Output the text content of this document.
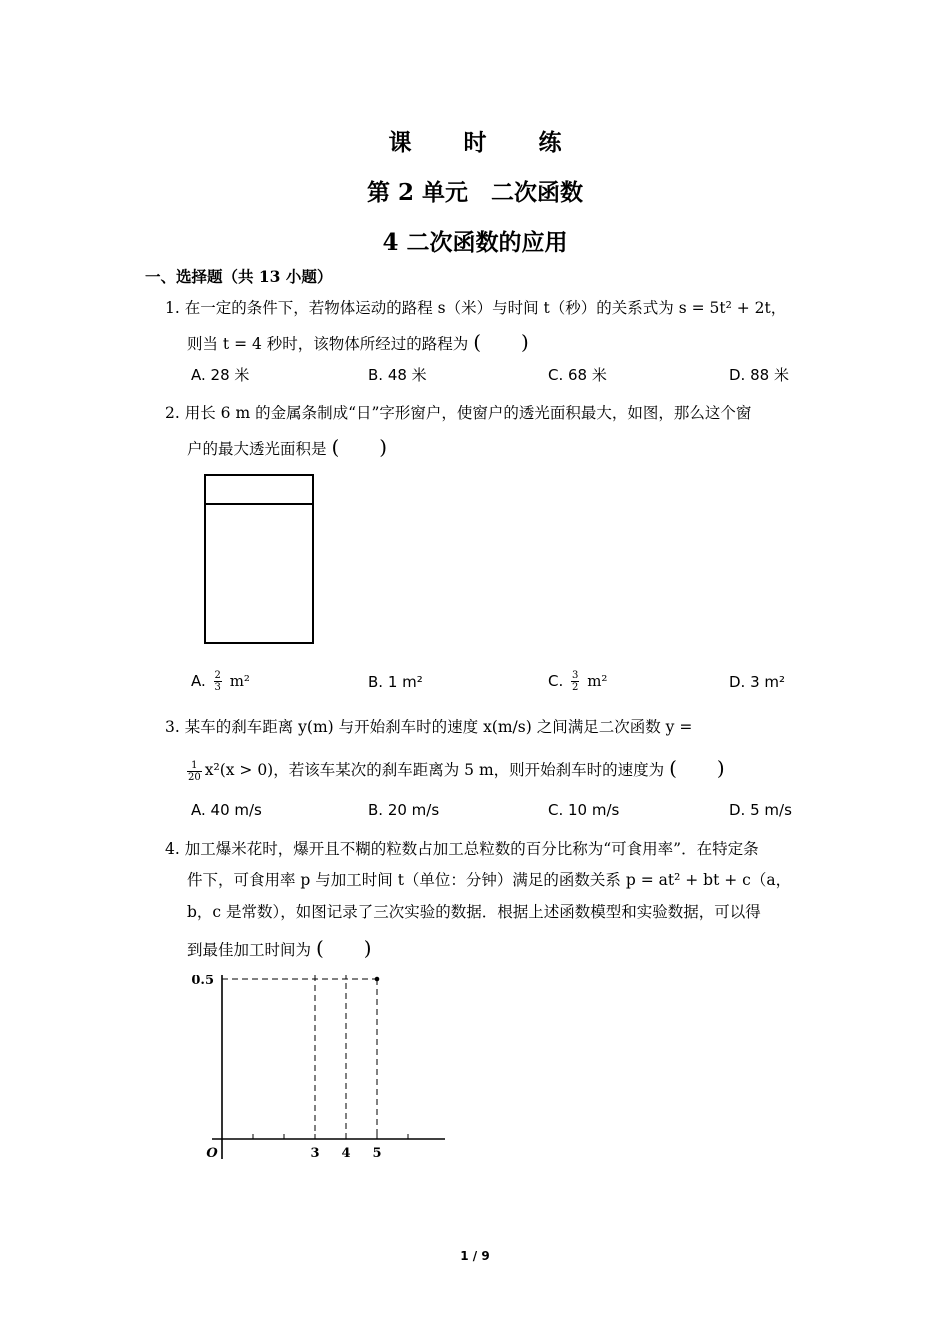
课 时 练
第 2 单元　二次函数
4 二次函数的应用
一、选择题（共 13 小题）
1. 在一定的条件下，若物体运动的路程 s（米）与时间 t（秒）的关系式为 s = 5t² + 2t，
则当 t = 4 秒时，该物体所经过的路程为 (　　)
A. 28 米	B. 48 米	C. 68 米	D. 88 米
2. 用长 6 m 的金属条制成“日”字形窗户，使窗户的透光面积最大，如图，那么这个窗
户的最大透光面积是 (　　)
A. $\frac{2}{3} m^2$	B. 1 m²	C. $\frac{3}{2} m^2$	D. 3 m²
3. 某车的刹车距离 y(m) 与开始刹车时的速度 x(m/s) 之间满足二次函数 y =
$\frac{1}{20} x^2(x > 0)$，若该车某次的刹车距离为 5 m，则开始刹车时的速度为 (　　)
A. 40 m/s	B. 20 m/s	C. 10 m/s	D. 5 m/s
4. 加工爆米花时，爆开且不糊的粒数占加工总粒数的百分比称为“可食用率”．在特定条
件下，可食用率 p 与加工时间 t（单位：分钟）满足的函数关系 p = at² + bt + c（a，
b，c 是常数），如图记录了三次实验的数据．根据上述函数模型和实验数据，可以得
到最佳加工时间为 (　　)
O	3 4 5
0.5
1 / 9
